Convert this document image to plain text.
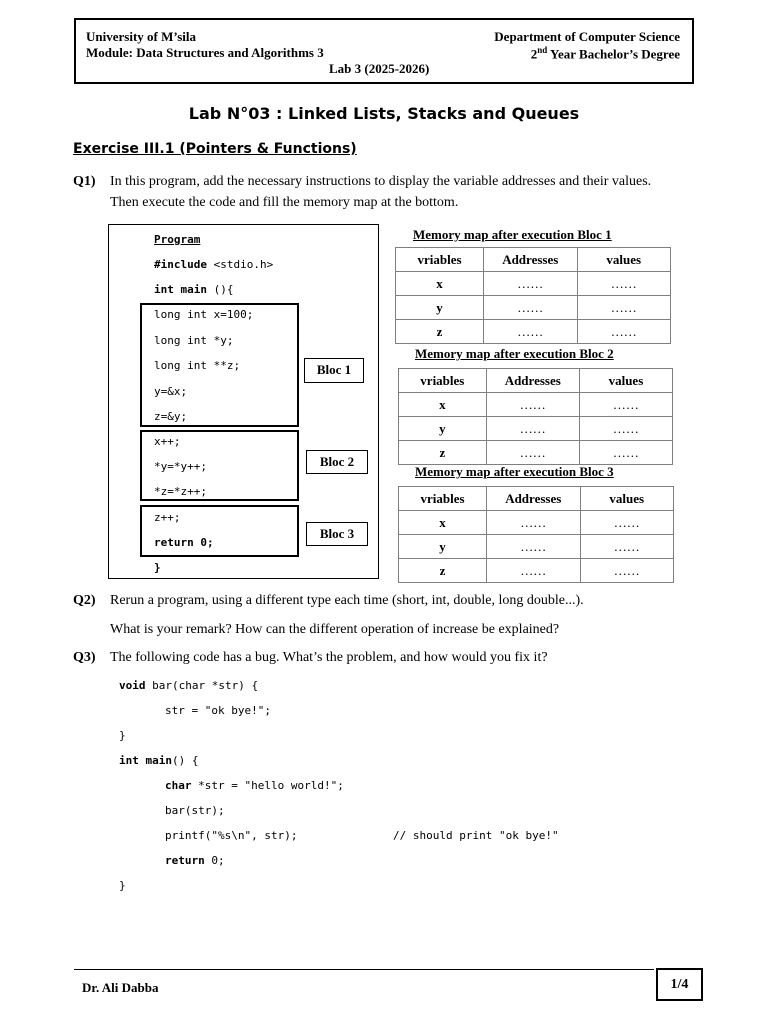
University of M’sila
Module: Data Structures and Algorithms 3
Lab 3 (2025-2026)
Department of Computer Science
2nd Year Bachelor’s Degree
Lab N°03 : Linked Lists, Stacks and Queues
Exercise III.1 (Pointers & Functions)
Q1) In this program, add the necessary instructions to display the variable addresses and their values.
Then execute the code and fill the memory map at the bottom.
Program
#include <stdio.h>
int main (){
long int x=100;
long int *y;
long int **z;
y=&x;
z=&y;
x++;
*y=*y++;
*z=*z++;
z++;
return 0;
}
Bloc 1
Bloc 2
Bloc 3
Memory map after execution Bloc 1
vriables	Addresses	values
x	……	……
y	……	……
z	……	……
Memory map after execution Bloc 2
vriables	Addresses	values
x	……	……
y	……	……
z	……	……
Memory map after execution Bloc 3
vriables	Addresses	values
x	……	……
y	……	……
z	……	……
Q2) Rerun a program, using a different type each time (short, int, double, long double...).
What is your remark? How can the different operation of increase be explained?
Q3) The following code has a bug. What’s the problem, and how would you fix it?
void bar(char *str) {
str = "ok bye!";
}
int main() {
char *str = "hello world!";
bar(str);
printf("%s\n", str);	// should print "ok bye!"
return 0;
}
Dr. Ali Dabba	1/4
